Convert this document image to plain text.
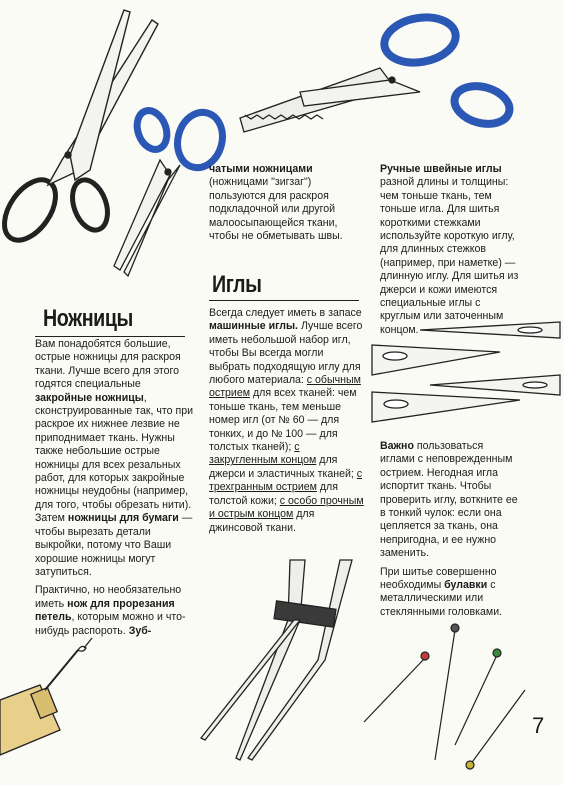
Ножницы
Иглы

Вам понадобятся большие, острые ножницы для раскроя ткани. Лучше всего для этого годятся специальные закройные ножницы, сконструированные так, что при раскрое их нижнее лезвие не приподнимает ткань. Нужны также небольшие острые ножницы для всех резальных работ, для которых закройные ножницы неудобны (например, для того, чтобы обрезать нити). Затем ножницы для бумаги — чтобы вырезать детали выкройки, потому что Ваши хорошие ножницы могут затупиться.

Практично, но необязательно иметь нож для прорезания петель, которым можно и что-нибудь распороть. Зуб-

чатыми ножницами (ножницами "зигзаг") пользуются для раскроя подкладочной или другой малоосыпающейся ткани, чтобы не обметывать швы.

Всегда следует иметь в запасе машинные иглы. Лучше всего иметь небольшой набор игл, чтобы Вы всегда могли выбрать подходящую иглу для любого материала: с обычным острием для всех тканей: чем тоньше ткань, тем меньше номер игл (от № 60 — для тонких, и до № 100 — для толстых тканей); с закругленным концом для джерси и эластичных тканей; с трехгранным острием для толстой кожи; с особо прочным и острым концом для джинсовой ткани.

Ручные швейные иглы разной длины и толщины: чем тоньше ткань, тем тоньше игла. Для шитья короткими стежками используйте короткую иглу, для длинных стежков (например, при наметке) — длинную иглу. Для шитья из джерси и кожи имеются специальные иглы с круглым или заточенным концом.

Важно пользоваться иглами с неповрежденным острием. Негодная игла испортит ткань. Чтобы проверить иглу, воткните ее в тонкий чулок: если она цепляется за ткань, она непригодна, и ее нужно заменить.

При шитье совершенно необходимы булавки с металлическими или стеклянными головками.

7
